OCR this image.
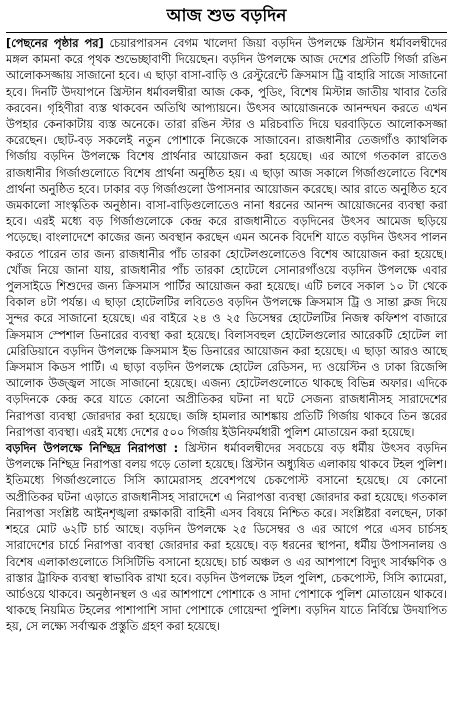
আজ শুভ বড়দিন

[পেছনের পৃষ্ঠার পর] চেয়ারপারসন বেগম খালেদা জিয়া বড়দিন উপলক্ষে খ্রিস্টান ধর্মাবলম্বীদের মঙ্গল কামনা করে পৃথক শুভেচ্ছাবাণী দিয়েছেন। বড়দিন উপলক্ষে আজ দেশের প্রতিটি গির্জা রঙিন আলোকসজ্জায় সাজানো হবে। এ ছাড়া বাসা-বাড়ি ও রেস্টুরেন্টে ক্রিসমাস ট্রি বাহারি সাজে সাজানো হবে। দিনটি উদযাপনে খ্রিস্টান ধর্মাবলম্বীরা আজ কেক, পুডিং, বিশেষ মিস্টান্ন জাতীয় খাবার তৈরি করবেন। গৃহিণীরা ব্যস্ত থাকবেন অতিথি আপ্যায়নে। উৎসব আয়োজনকে আনন্দঘন করতে এখন উপহার কেনাকাটায় ব্যস্ত অনেকে। তারা রঙিন স্টার ও মরিচবাতি দিয়ে ঘরবাড়িতে আলোকসজ্জা করেছেন। ছোট-বড় সকলেই নতুন পোশাকে নিজেকে সাজাবেন। রাজধানীর তেজগাঁও ক্যাথলিক গির্জায় বড়দিন উপলক্ষে বিশেষ প্রার্থনার আয়োজন করা হয়েছে। এর আগে গতকাল রাতেও রাজধানীর গির্জাগুলোতে বিশেষ প্রার্থনা অনুষ্ঠিত হয়। এ ছাড়া আজ সকালে গির্জাগুলোতে বিশেষ প্রার্থনা অনুষ্ঠিত হবে। ঢাকার বড় গির্জাগুলো উপাসনার আয়োজন করেছে। আর রাতে অনুষ্ঠিত হবে জমকালো সাংস্কৃতিক অনুষ্ঠান। বাসা-বাড়িগুলোতেও নানা ধরনের আনন্দ আয়োজনের ব্যবস্থা করা হবে। এরই মধ্যে বড় গির্জাগুলোকে কেন্দ্র করে রাজধানীতে বড়দিনের উৎসব আমেজ ছড়িয়ে পড়েছে। বাংলাদেশে কাজের জন্য অবস্থান করছেন এমন অনেক বিদেশি যাতে বড়দিন উৎসব পালন করতে পারেন তার জন্য রাজধানীর পাঁচ তারকা হোটেলগুলোতেও বিশেষ আয়োজন করা হয়েছে। খোঁজ নিয়ে জানা যায়, রাজধানীর পাঁচ তারকা হোটেলে সোনারগাঁওয়ে বড়দিন উপলক্ষে এবার পুলসাইডে শিশুদের জন্য ক্রিসমাস পার্টির আয়োজন করা হয়েছে। এটি চলবে সকাল ১০ টা থেকে বিকাল ৪টা পর্যন্ত। এ ছাড়া হোটেলটির লবিতেও বড়দিন উপলক্ষে ক্রিসমাস ট্রি ও সান্তা ক্লজ দিয়ে সুন্দর করে সাজানো হয়েছে। এর বাইরে ২৪ ও ২৫ ডিসেম্বর হোটেলটির নিজস্ব কফিশপ বাজারে ক্রিসমাস স্পেশাল ডিনারের ব্যবস্থা করা হয়েছে। বিলাসবহুল হোটেলগুলোর আরেকটি হোটেল লা মেরিডিয়ানে বড়দিন উপলক্ষে ক্রিসমাস ইভ ডিনারের আয়োজন করা হয়েছে। এ ছাড়া আরও আছে ক্রিসমাস কিডস পার্টি। এ ছাড়া বড়দিন উপলক্ষে হোটেল রেডিসন, দ্য ওয়েস্টিন ও ঢাকা রিজেন্সি আলোক উজ্জ্বল সাজে সাজানো হয়েছে। এজন্য হোটেলগুলোতে থাকছে বিভিন্ন অফার। এদিকে বড়দিনকে কেন্দ্র করে যাতে কোনো অপ্রীতিকর ঘটনা না ঘটে সেজন্য রাজধানীসহ সারাদেশের নিরাপত্তা ব্যবস্থা জোরদার করা হয়েছে। জঙ্গি হামলার আশঙ্কায় প্রতিটি গির্জায় থাকবে তিন স্তরের নিরাপত্তা ব্যবস্থা। এরই মধ্যে দেশের ৫০০ গির্জায় ইউনিফর্মধারী পুলিশ মোতায়েন করা হয়েছে।

বড়দিন উপলক্ষে নিশ্ছিদ্র নিরাপত্তা : খ্রিস্টান ধর্মাবলম্বীদের সবচেয়ে বড় ধর্মীয় উৎসব বড়দিন উপলক্ষে নিশ্ছিদ্র নিরাপত্তা বলয় গড়ে তোলা হয়েছে। খ্রিস্টান অধ্যুষিত এলাকায় থাকবে টহল পুলিশ। ইতিমধ্যে গির্জাগুলোতে সিসি ক্যামেরাসহ প্রবেশপথে চেকপোস্ট বসানো হয়েছে। যে কোনো অপ্রীতিকর ঘটনা এড়াতে রাজধানীসহ সারাদেশে এ নিরাপত্তা ব্যবস্থা জোরদার করা হয়েছে। গতকাল নিরাপত্তা সংশ্লিষ্ট আইনশৃঙ্খলা রক্ষাকারী বাহিনী এসব বিষয়ে নিশ্চিত করে। সংশ্লিষ্টরা বলছেন, ঢাকা শহরে মোট ৬২টি চার্চ আছে। বড়দিন উপলক্ষে ২৫ ডিসেম্বর ও এর আগে পরে এসব চার্চসহ সারাদেশের চার্চে নিরাপত্তা ব্যবস্থা জোরদার করা হয়েছে। বড় ধরনের স্থাপনা, ধর্মীয় উপাসনালয় ও বিশেষ এলাকাগুলোতে সিসিটিভি বসানো হয়েছে। চার্চ অঞ্চল ও এর আশপাশে বিদ্যুৎ সার্বক্ষণিক ও রাস্তার ট্রাফিক ব্যবস্থা স্বাভাবিক রাখা হবে। বড়দিন উপলক্ষে টহল পুলিশ, চেকপোস্ট, সিসি ক্যামেরা, আর্চওয়ে থাকবে। অনুষ্ঠানস্থল ও এর আশপাশে পোশাকে ও সাদা পোশাকে পুলিশ মোতায়েন থাকবে। থাকছে নিয়মিত টহলের পাশাপাশি সাদা পোশাকে গোয়েন্দা পুলিশ। বড়দিন যাতে নির্বিঘ্নে উদযাপিত হয়, সে লক্ষ্যে সর্বাত্মক প্রস্তুতি গ্রহণ করা হয়েছে।
